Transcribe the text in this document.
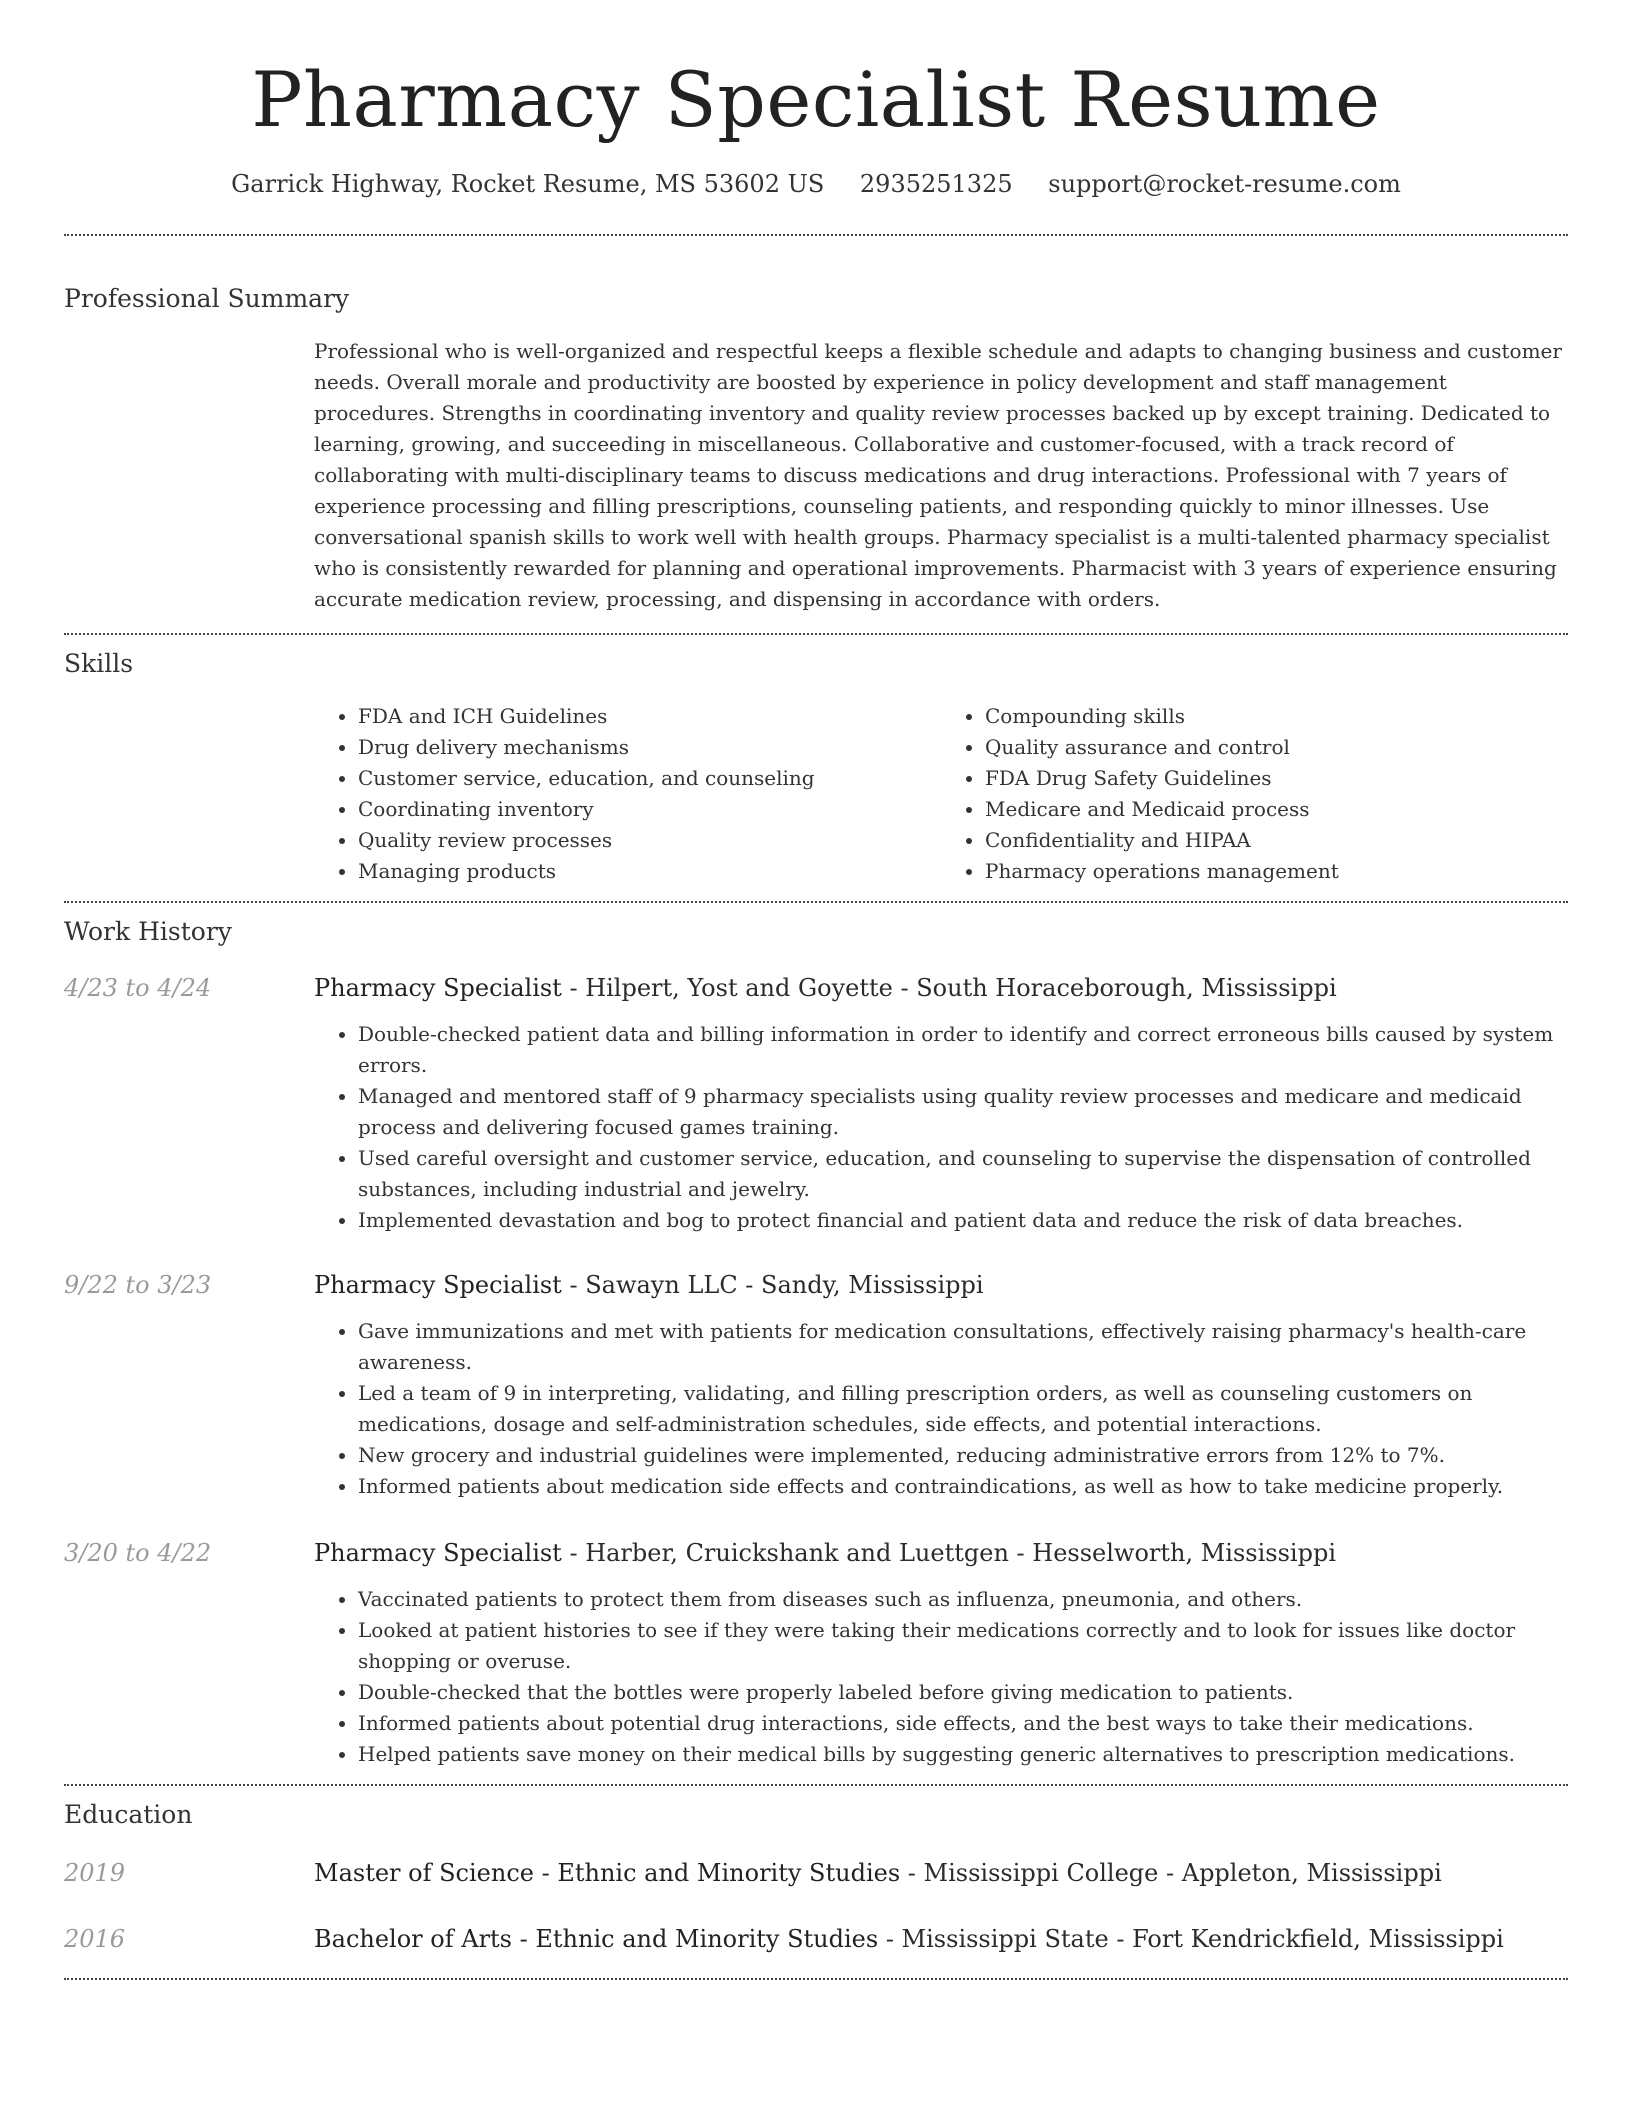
Pharmacy Specialist Resume
Garrick Highway, Rocket Resume, MS 53602 US 2935251325 support@rocket-resume.com
Professional Summary

Professional who is well-organized and respectful keeps a flexible schedule and adapts to changing business and customer needs. Overall morale and productivity are boosted by experience in policy development and staff management procedures. Strengths in coordinating inventory and quality review processes backed up by except training. Dedicated to learning, growing, and succeeding in miscellaneous. Collaborative and customer-focused, with a track record of collaborating with multi-disciplinary teams to discuss medications and drug interactions. Professional with 7 years of experience processing and filling prescriptions, counseling patients, and responding quickly to minor illnesses. Use conversational spanish skills to work well with health groups. Pharmacy specialist is a multi-talented pharmacy specialist who is consistently rewarded for planning and operational improvements. Pharmacist with 3 years of experience ensuring accurate medication review, processing, and dispensing in accordance with orders.

Skills
• FDA and ICH Guidelines
• Drug delivery mechanisms
• Customer service, education, and counseling
• Coordinating inventory
• Quality review processes
• Managing products
• Compounding skills
• Quality assurance and control
• FDA Drug Safety Guidelines
• Medicare and Medicaid process
• Confidentiality and HIPAA
• Pharmacy operations management
Work History
4/23 to 4/24	Pharmacy Specialist - Hilpert, Yost and Goyette - South Horaceborough, Mississippi
• Double-checked patient data and billing information in order to identify and correct erroneous bills caused by system errors.
• Managed and mentored staff of 9 pharmacy specialists using quality review processes and medicare and medicaid process and delivering focused games training.
• Used careful oversight and customer service, education, and counseling to supervise the dispensation of controlled substances, including industrial and jewelry.
• Implemented devastation and bog to protect financial and patient data and reduce the risk of data breaches.
9/22 to 3/23	Pharmacy Specialist - Sawayn LLC - Sandy, Mississippi
• Gave immunizations and met with patients for medication consultations, effectively raising pharmacy's health-care awareness.
• Led a team of 9 in interpreting, validating, and filling prescription orders, as well as counseling customers on medications, dosage and self-administration schedules, side effects, and potential interactions.
• New grocery and industrial guidelines were implemented, reducing administrative errors from 12% to 7%.
• Informed patients about medication side effects and contraindications, as well as how to take medicine properly.
3/20 to 4/22	Pharmacy Specialist - Harber, Cruickshank and Luettgen - Hesselworth, Mississippi
• Vaccinated patients to protect them from diseases such as influenza, pneumonia, and others.
• Looked at patient histories to see if they were taking their medications correctly and to look for issues like doctor shopping or overuse.
• Double-checked that the bottles were properly labeled before giving medication to patients.
• Informed patients about potential drug interactions, side effects, and the best ways to take their medications.
• Helped patients save money on their medical bills by suggesting generic alternatives to prescription medications.
Education
2019	Master of Science - Ethnic and Minority Studies - Mississippi College - Appleton, Mississippi
2016	Bachelor of Arts - Ethnic and Minority Studies - Mississippi State - Fort Kendrickfield, Mississippi
